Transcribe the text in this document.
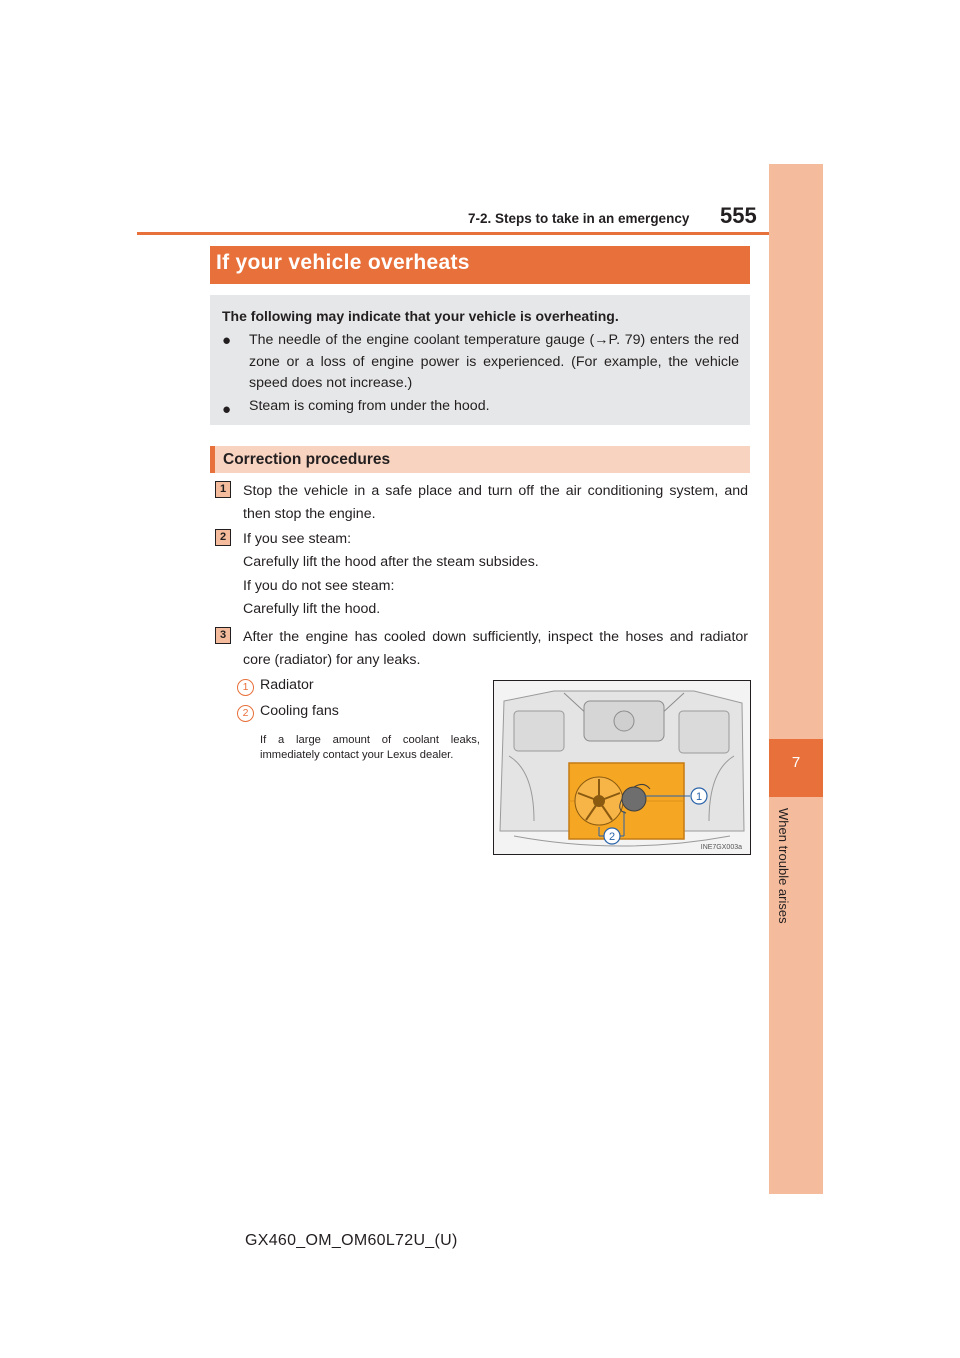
7-2. Steps to take in an emergency 555
7
When trouble arises
If your vehicle overheats
The following may indicate that your vehicle is overheating.
● The needle of the engine coolant temperature gauge (→P. 79) enters the red zone or a loss of engine power is experienced. (For example, the vehicle speed does not increase.)
● Steam is coming from under the hood.
Correction procedures
1	Stop the vehicle in a safe place and turn off the air conditioning system, and then stop the engine.
2	If you see steam:
Carefully lift the hood after the steam subsides.
If you do not see steam:
Carefully lift the hood.
3	After the engine has cooled down sufficiently, inspect the hoses and radiator core (radiator) for any leaks.
1 Radiator
2 Cooling fans
If a large amount of coolant leaks, immediately contact your Lexus dealer.
1
2
INE7GX003a
GX460_OM_OM60L72U_(U)
